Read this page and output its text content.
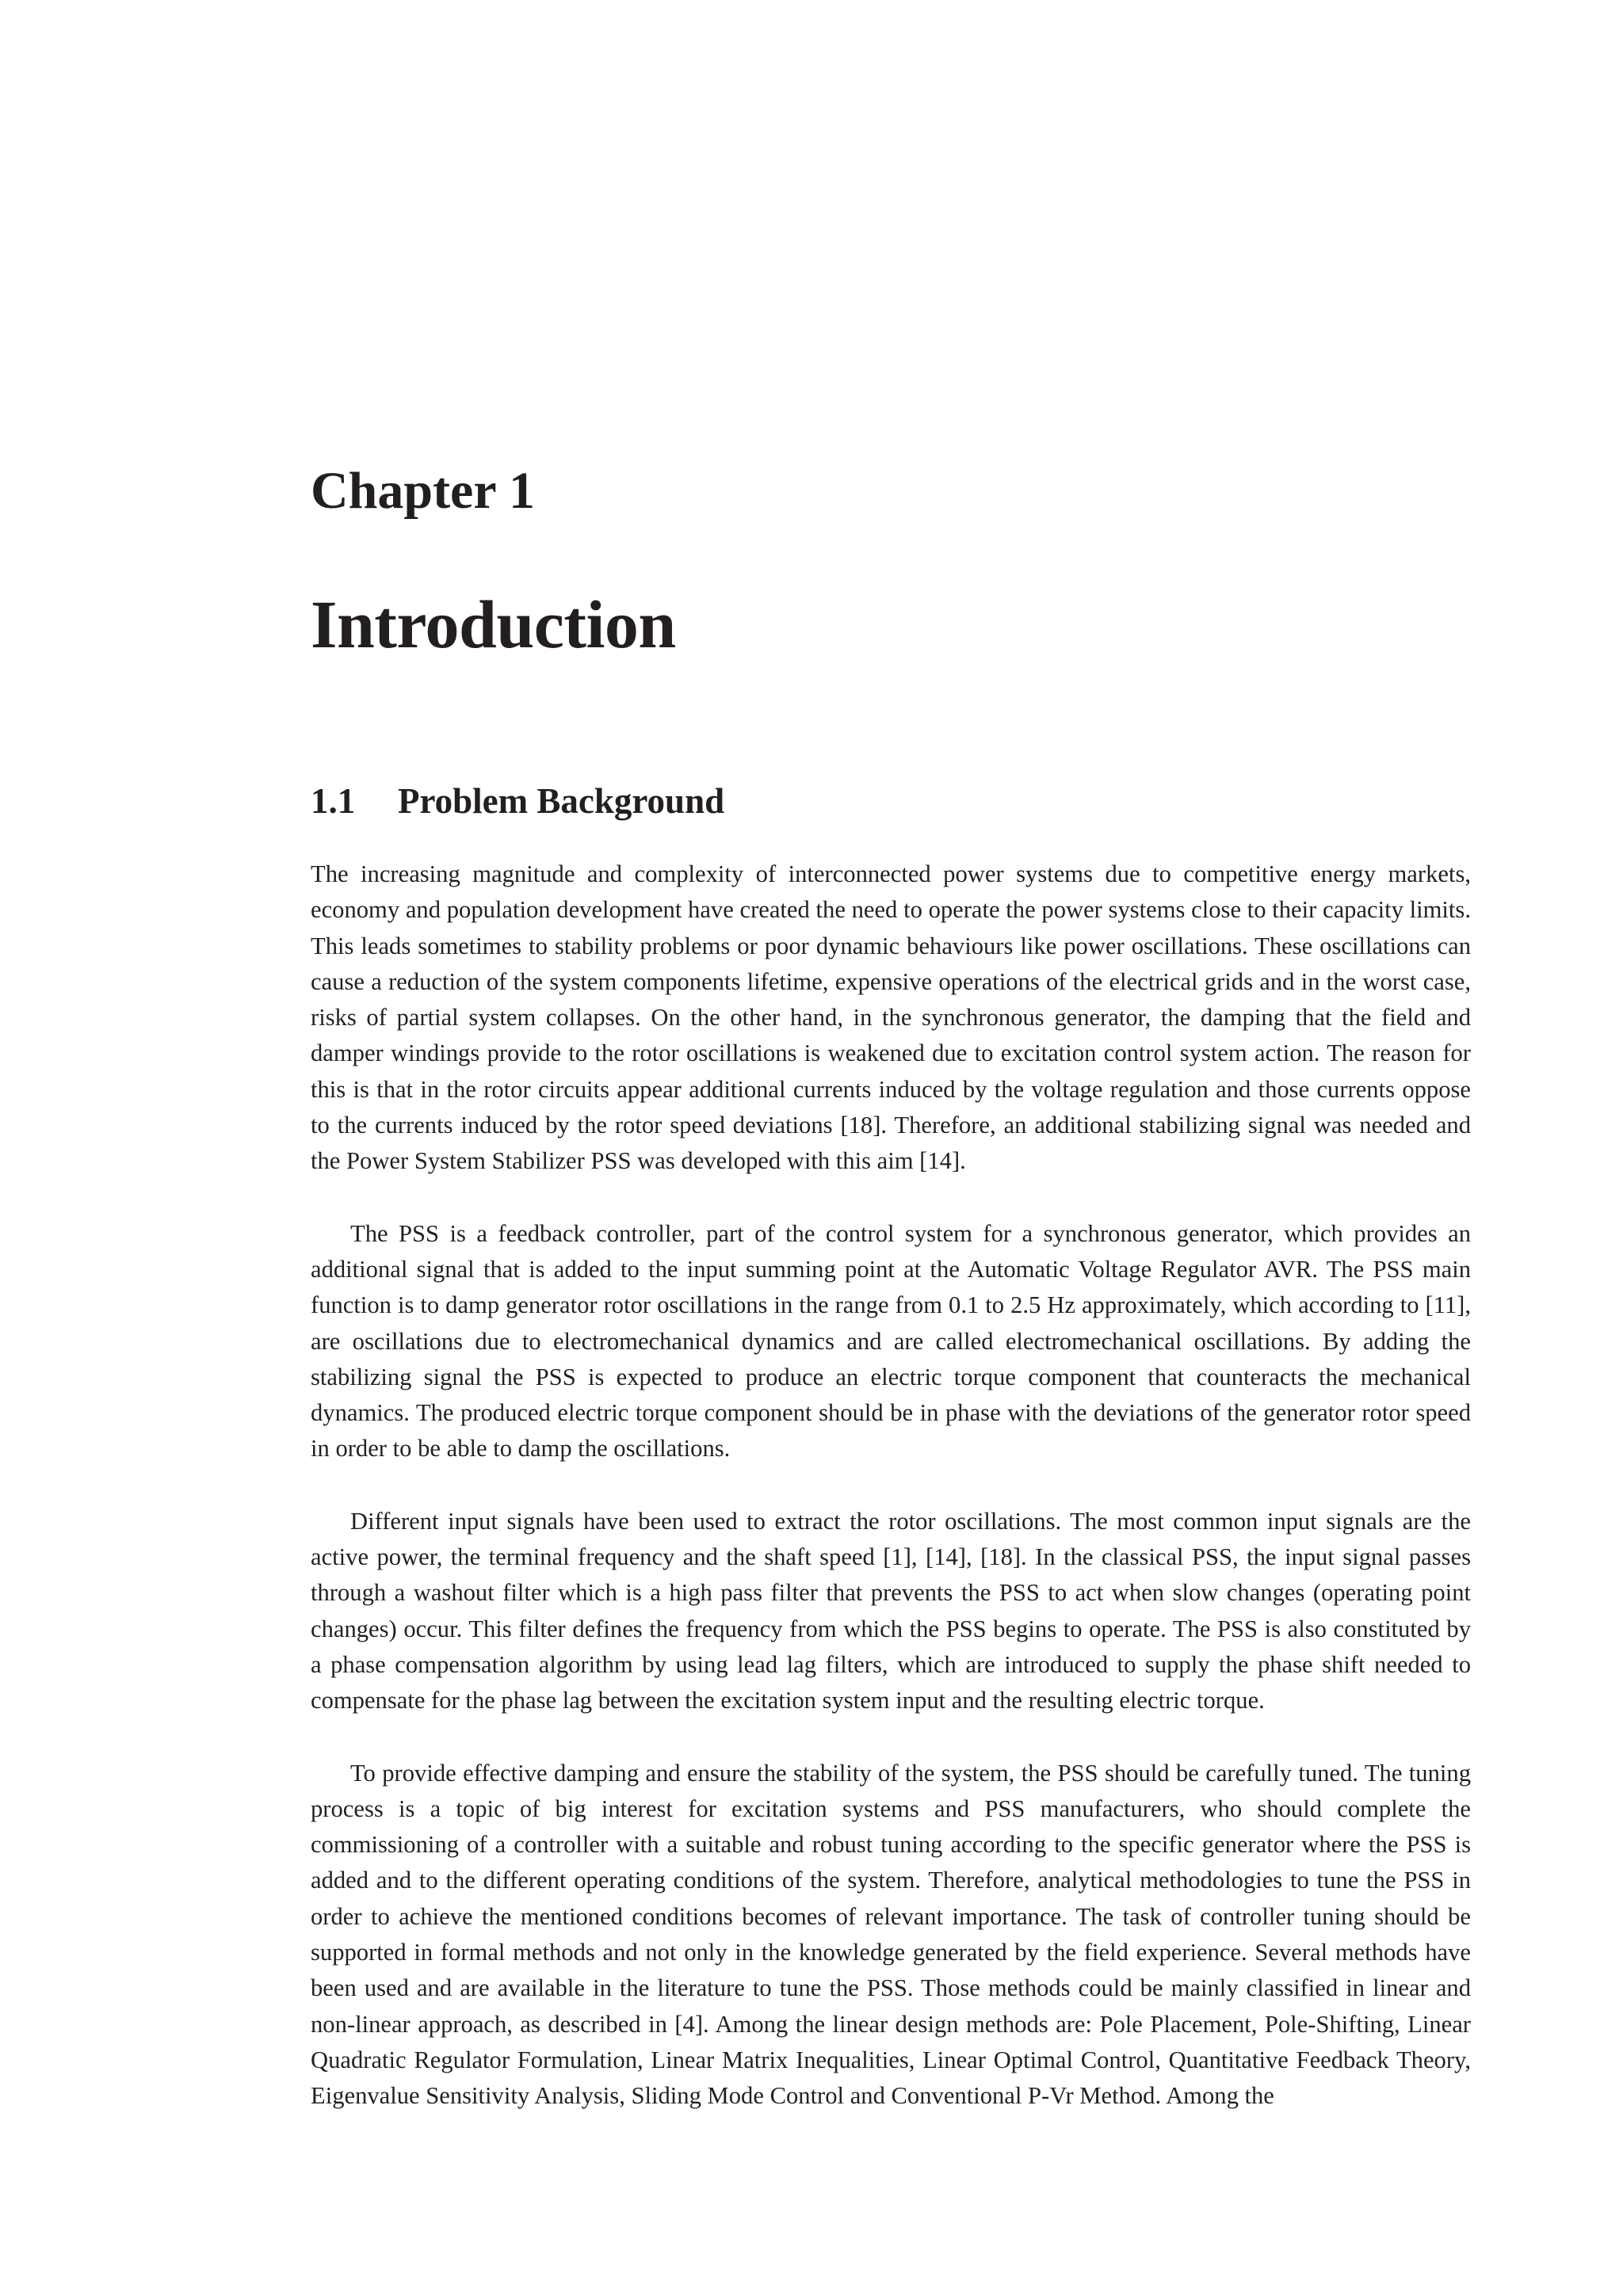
Chapter 1
Introduction
1.1	Problem Background

The increasing magnitude and complexity of interconnected power systems due to competitive energy markets, economy and population development have created the need to operate the power systems close to their capacity limits. This leads sometimes to stability problems or poor dynamic behaviours like power oscillations. These oscillations can cause a reduction of the system components lifetime, expensive operations of the electrical grids and in the worst case, risks of partial system collapses. On the other hand, in the synchronous generator, the damping that the field and damper windings provide to the rotor oscillations is weakened due to excitation control system action. The reason for this is that in the rotor circuits appear additional currents induced by the voltage regulation and those currents oppose to the currents induced by the rotor speed deviations [18]. Therefore, an additional stabilizing signal was needed and the Power System Stabilizer PSS was developed with this aim [14].

The PSS is a feedback controller, part of the control system for a synchronous generator, which provides an additional signal that is added to the input summing point at the Automatic Voltage Regulator AVR. The PSS main function is to damp generator rotor oscillations in the range from 0.1 to 2.5 Hz approximately, which according to [11], are oscillations due to electromechanical dynamics and are called electromechanical oscillations. By adding the stabilizing signal the PSS is expected to produce an electric torque component that counteracts the mechanical dynamics. The produced electric torque component should be in phase with the deviations of the generator rotor speed in order to be able to damp the oscillations.

Different input signals have been used to extract the rotor oscillations. The most common input signals are the active power, the terminal frequency and the shaft speed [1], [14], [18]. In the classical PSS, the input signal passes through a washout filter which is a high pass filter that prevents the PSS to act when slow changes (operating point changes) occur. This filter defines the frequency from which the PSS begins to operate. The PSS is also constituted by a phase compensation algorithm by using lead lag filters, which are introduced to supply the phase shift needed to compensate for the phase lag between the excitation system input and the resulting electric torque.

To provide effective damping and ensure the stability of the system, the PSS should be carefully tuned. The tuning process is a topic of big interest for excitation systems and PSS manufacturers, who should complete the commissioning of a controller with a suitable and robust tuning according to the specific generator where the PSS is added and to the different operating conditions of the system. Therefore, analytical methodologies to tune the PSS in order to achieve the mentioned conditions becomes of relevant importance. The task of controller tuning should be supported in formal methods and not only in the knowledge generated by the field experience. Several methods have been used and are available in the literature to tune the PSS. Those methods could be mainly classified in linear and non-linear approach, as described in [4]. Among the linear design methods are: Pole Placement, Pole-Shifting, Linear Quadratic Regulator Formulation, Linear Matrix Inequalities, Linear Optimal Control, Quantitative Feedback Theory, Eigenvalue Sensitivity Analysis, Sliding Mode Control and Conventional P-Vr Method. Among the
